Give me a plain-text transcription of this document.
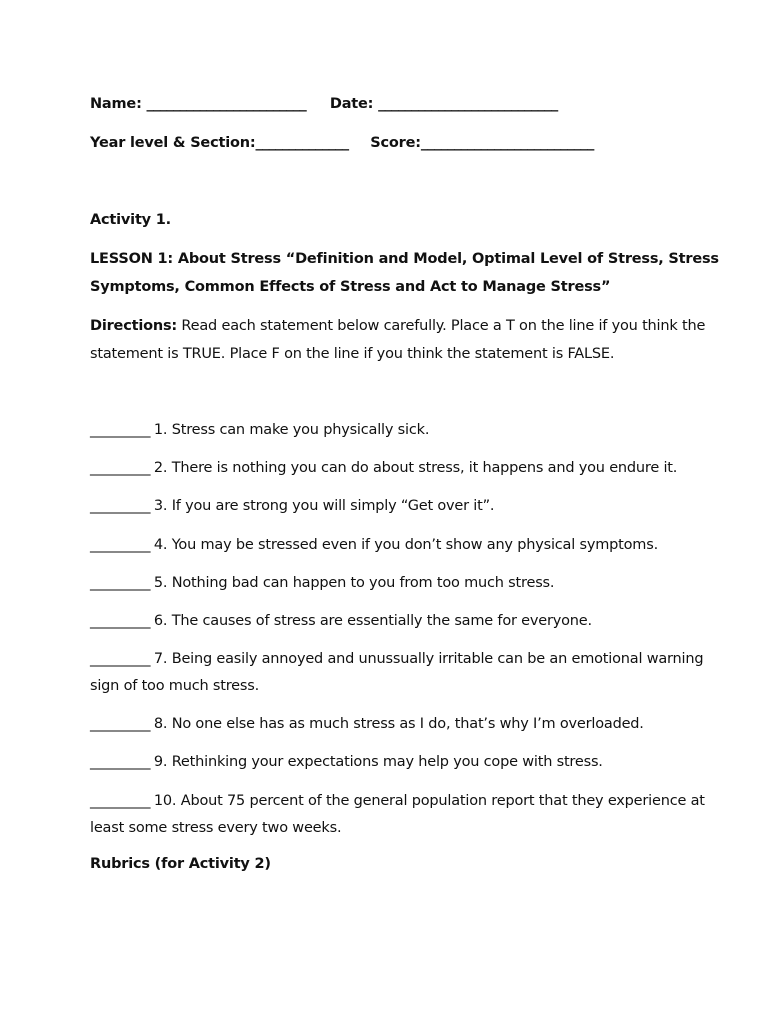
Name: ________________________ Date: ___________________________
Year level & Section:______________ Score:__________________________
Activity 1.
LESSON 1: About Stress “Definition and Model, Optimal Level of Stress, Stress Symptoms, Common Effects of Stress and Act to Manage Stress”
Directions: Read each statement below carefully. Place a T on the line if you think the statement is TRUE. Place F on the line if you think the statement is FALSE.
_________ 1. Stress can make you physically sick.
_________ 2. There is nothing you can do about stress, it happens and you endure it.
_________ 3. If you are strong you will simply “Get over it”.
_________ 4. You may be stressed even if you don’t show any physical symptoms.
_________ 5. Nothing bad can happen to you from too much stress.
_________ 6. The causes of stress are essentially the same for everyone.
_________ 7. Being easily annoyed and unussually irritable can be an emotional warning sign of too much stress.
_________ 8. No one else has as much stress as I do, that’s why I’m overloaded.
_________ 9. Rethinking your expectations may help you cope with stress.
_________ 10. About 75 percent of the general population report that they experience at least some stress every two weeks.
Rubrics (for Activity 2)
